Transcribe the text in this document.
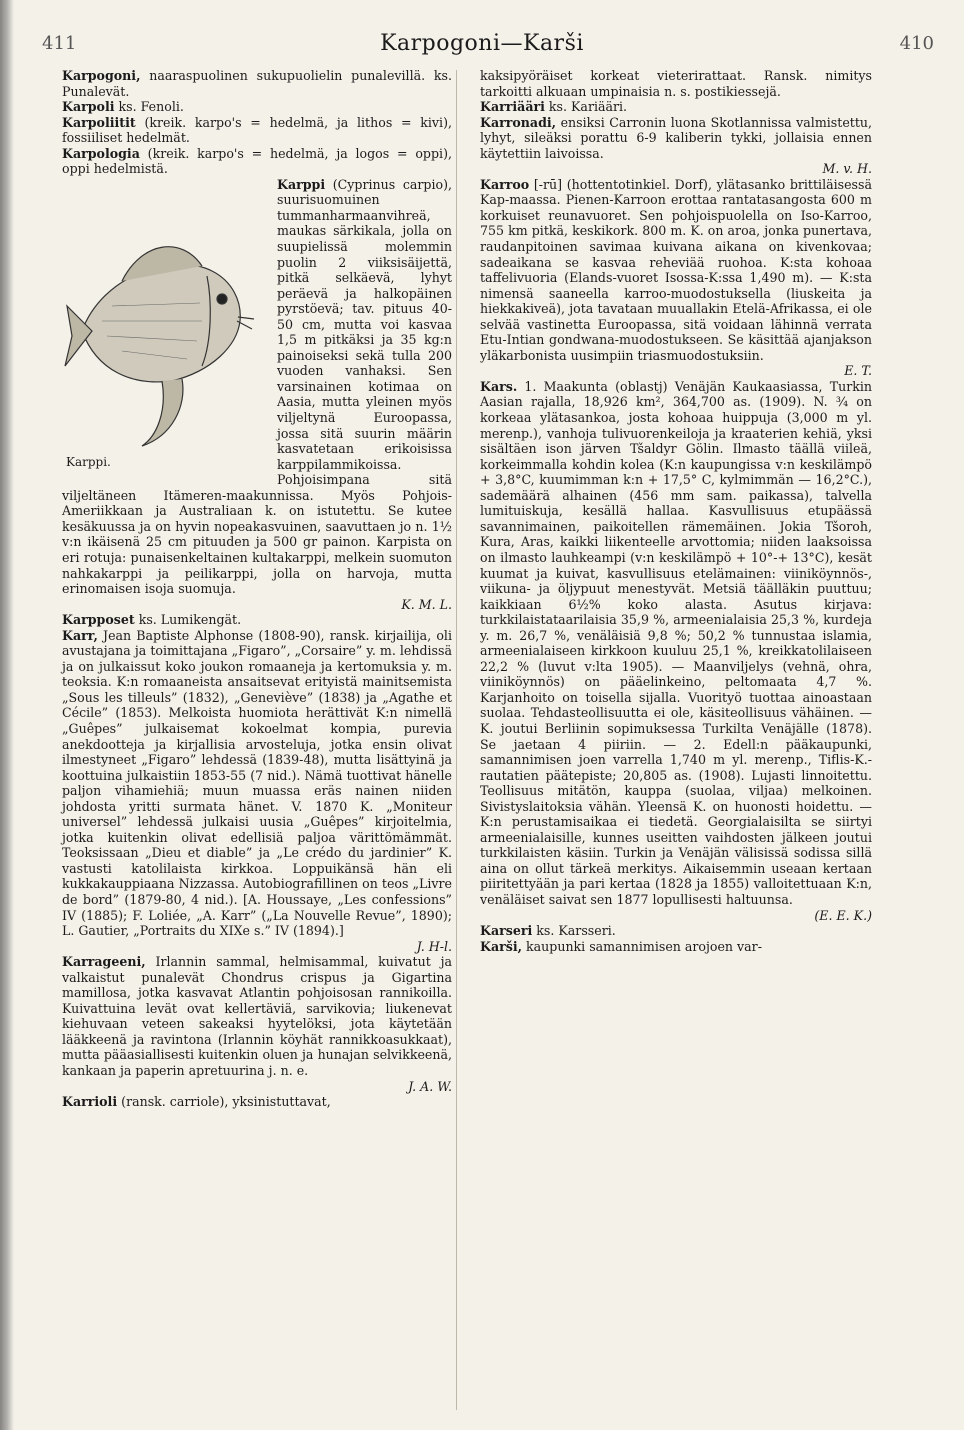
411	Karpogoni—Karši	410

Karpogoni, naaraspuolinen sukupuolielin punalevillä. ks. Punalevät.

Karpoli ks. Fenoli.

Karpoliitit (kreik. karpo's = hedelmä, ja lithos = kivi), fossiiliset hedelmät.

Karpologia (kreik. karpo's = hedelmä, ja logos = oppi), oppi hedelmistä.

Karppi.

Karppi (Cyprinus carpio), suurisuomuinen tummanharmaanvihreä, maukas särkikala, jolla on suupielissä molemmin puolin 2 viiksisäijettä, pitkä selkäevä, lyhyt peräevä ja halkopäinen pyrstöevä; tav. pituus 40-50 cm, mutta voi kasvaa 1,5 m pitkäksi ja 35 kg:n painoiseksi sekä tulla 200 vuoden vanhaksi. Sen varsinainen kotimaa on Aasia, mutta yleinen myös viljeltynä Euroopassa, jossa sitä suurin määrin kasvatetaan erikoisissa karppilammikoissa. Pohjoisimpana sitä viljeltäneen Itämeren-maakunnissa. Myös Pohjois-Ameriikkaan ja Australiaan k. on istutettu. Se kutee kesäkuussa ja on hyvin nopeakasvuinen, saavuttaen jo n. 1½ v:n ikäisenä 25 cm pituuden ja 500 gr painon. Karpista on eri rotuja: punaisenkeltainen kultakarppi, melkein suomuton nahkakarppi ja peilikarppi, jolla on harvoja, mutta erinomaisen isoja suomuja.
K. M. L.

Karpposet ks. Lumikengät.

Karr, Jean Baptiste Alphonse (1808-90), ransk. kirjailija, oli avustajana ja toimittajana „Figaro”, „Corsaire” y. m. lehdissä ja on julkaissut koko joukon romaaneja ja kertomuksia y. m. teoksia. K:n romaaneista ansaitsevat erityistä mainitsemista „Sous les tilleuls” (1832), „Geneviève” (1838) ja „Agathe et Cécile” (1853). Melkoista huomiota herättivät K:n nimellä „Guêpes” julkaisemat kokoelmat kompia, purevia anekdootteja ja kirjallisia arvosteluja, jotka ensin olivat ilmestyneet „Figaro” lehdessä (1839-48), mutta lisättyinä ja koottuina julkaistiin 1853-55 (7 nid.). Nämä tuottivat hänelle paljon vihamiehiä; muun muassa eräs nainen niiden johdosta yritti surmata hänet. V. 1870 K. „Moniteur universel” lehdessä julkaisi uusia „Guêpes” kirjoitelmia, jotka kuitenkin olivat edellisiä paljoa värittömämmät. Teoksissaan „Dieu et diable” ja „Le crédo du jardinier” K. vastusti katolilaista kirkkoa. Loppuikänsä hän eli kukkakauppiaana Nizzassa. Autobiografillinen on teos „Livre de bord” (1879-80, 4 nid.). [A. Houssaye, „Les confessions” IV (1885); F. Loliée, „A. Karr” („La Nouvelle Revue”, 1890); L. Gautier, „Portraits du XIXe s.” IV (1894).]
J. H-l.

Karrageeni, Irlannin sammal, helmisammal, kuivatut ja valkaistut punalevät Chondrus crispus ja Gigartina mamillosa, jotka kasvavat Atlantin pohjoisosan rannikoilla. Kuivattuina levät ovat kellertäviä, sarvikovia; liukenevat kiehuvaan veteen sakeaksi hyytelöksi, jota käytetään lääkkeenä ja ravintona (Irlannin köyhät rannikkoasukkaat), mutta pääasiallisesti kuitenkin oluen ja hunajan selvikkeenä, kankaan ja paperin apretuurina j. n. e.
J. A. W.

Karrioli (ransk. carriole), yksinistuttavat,

kaksipyöräiset korkeat vieterirattaat. Ransk. nimitys tarkoitti alkuaan umpinaisia n. s. postikiessejä.

Karriääri ks. Kariääri.

Karronadi, ensiksi Carronin luona Skotlannissa valmistettu, lyhyt, sileäksi porattu 6-9 kaliberin tykki, jollaisia ennen käytettiin laivoissa.
M. v. H.

Karroo [-rū] (hottentotinkiel. Dorf), ylätasanko brittiläisessä Kap-maassa. Pienen-Karroon erottaa rantatasangosta 600 m korkuiset reunavuoret. Sen pohjoispuolella on Iso-Karroo, 755 km pitkä, keskikork. 800 m. K. on aroa, jonka punertava, raudanpitoinen savimaa kuivana aikana on kivenkovaa; sadeaikana se kasvaa reheviää ruohoa. K:sta kohoaa taffelivuoria (Elands-vuoret Isossa-K:ssa 1,490 m). — K:sta nimensä saaneella karroo-muodostuksella (liuskeita ja hiekkakiveä), jota tavataan muuallakin Etelä-Afrikassa, ei ole selvää vastinetta Euroopassa, sitä voidaan lähinnä verrata Etu-Intian gondwana-muodostukseen. Se käsittää ajanjakson yläkarbonista uusimpiin triasmuodostuksiin.
E. T.

Kars. 1. Maakunta (oblastj) Venäjän Kaukaasiassa, Turkin Aasian rajalla, 18,926 km², 364,700 as. (1909). N. ¾ on korkeaa ylätasankoa, josta kohoaa huippuja (3,000 m yl. merenp.), vanhoja tulivuorenkeiloja ja kraaterien kehiä, yksi sisältäen ison järven Tšaldyr Gölin. Ilmasto täällä viileä, korkeimmalla kohdin kolea (K:n kaupungissa v:n keskilämpö + 3,8°C, kuumimman k:n + 17,5° C, kylmimmän — 16,2°C.), sademäärä alhainen (456 mm sam. paikassa), talvella lumituiskuja, kesällä hallaa. Kasvullisuus etupäässä savannimainen, paikoitellen rämemäinen. Jokia Tšoroh, Kura, Aras, kaikki liikenteelle arvottomia; niiden laaksoissa on ilmasto lauhkeampi (v:n keskilämpö + 10°-+ 13°C), kesät kuumat ja kuivat, kasvullisuus etelämainen: viiniköynnös-, viikuna- ja öljypuut menestyvät. Metsiä täälläkin puuttuu; kaikkiaan 6½% koko alasta. Asutus kirjava: turkkilaistataarilaisia 35,9 %, armeenialaisia 25,3 %, kurdeja y. m. 26,7 %, venäläisiä 9,8 %; 50,2 % tunnustaa islamia, armeenialaiseen kirkkoon kuuluu 25,1 %, kreikkatolilaiseen 22,2 % (luvut v:lta 1905). — Maanviljelys (vehnä, ohra, viiniköynnös) on pääelinkeino, peltomaata 4,7 %. Karjanhoito on toisella sijalla. Vuorityö tuottaa ainoastaan suolaa. Tehdasteollisuutta ei ole, käsiteollisuus vähäinen. — K. joutui Berliinin sopimuksessa Turkilta Venäjälle (1878). Se jaetaan 4 piiriin. — 2. Edell:n pääkaupunki, samannimisen joen varrella 1,740 m yl. merenp., Tiflis-K.-rautatien päätepiste; 20,805 as. (1908). Lujasti linnoitettu. Teollisuus mitätön, kauppa (suolaa, viljaa) melkoinen. Sivistyslaitoksia vähän. Yleensä K. on huonosti hoidettu. — K:n perustamisaikaa ei tiedetä. Georgialaisilta se siirtyi armeenialaisille, kunnes useitten vaihdosten jälkeen joutui turkkilaisten käsiin. Turkin ja Venäjän välisissä sodissa sillä aina on ollut tärkeä merkitys. Aikaisemmin useaan kertaan piiritettyään ja pari kertaa (1828 ja 1855) valloitettuaan K:n, venäläiset saivat sen 1877 lopullisesti haltuunsa.
(E. E. K.)

Karseri ks. Karsseri.

Karši, kaupunki samannimisen arojoen var-
